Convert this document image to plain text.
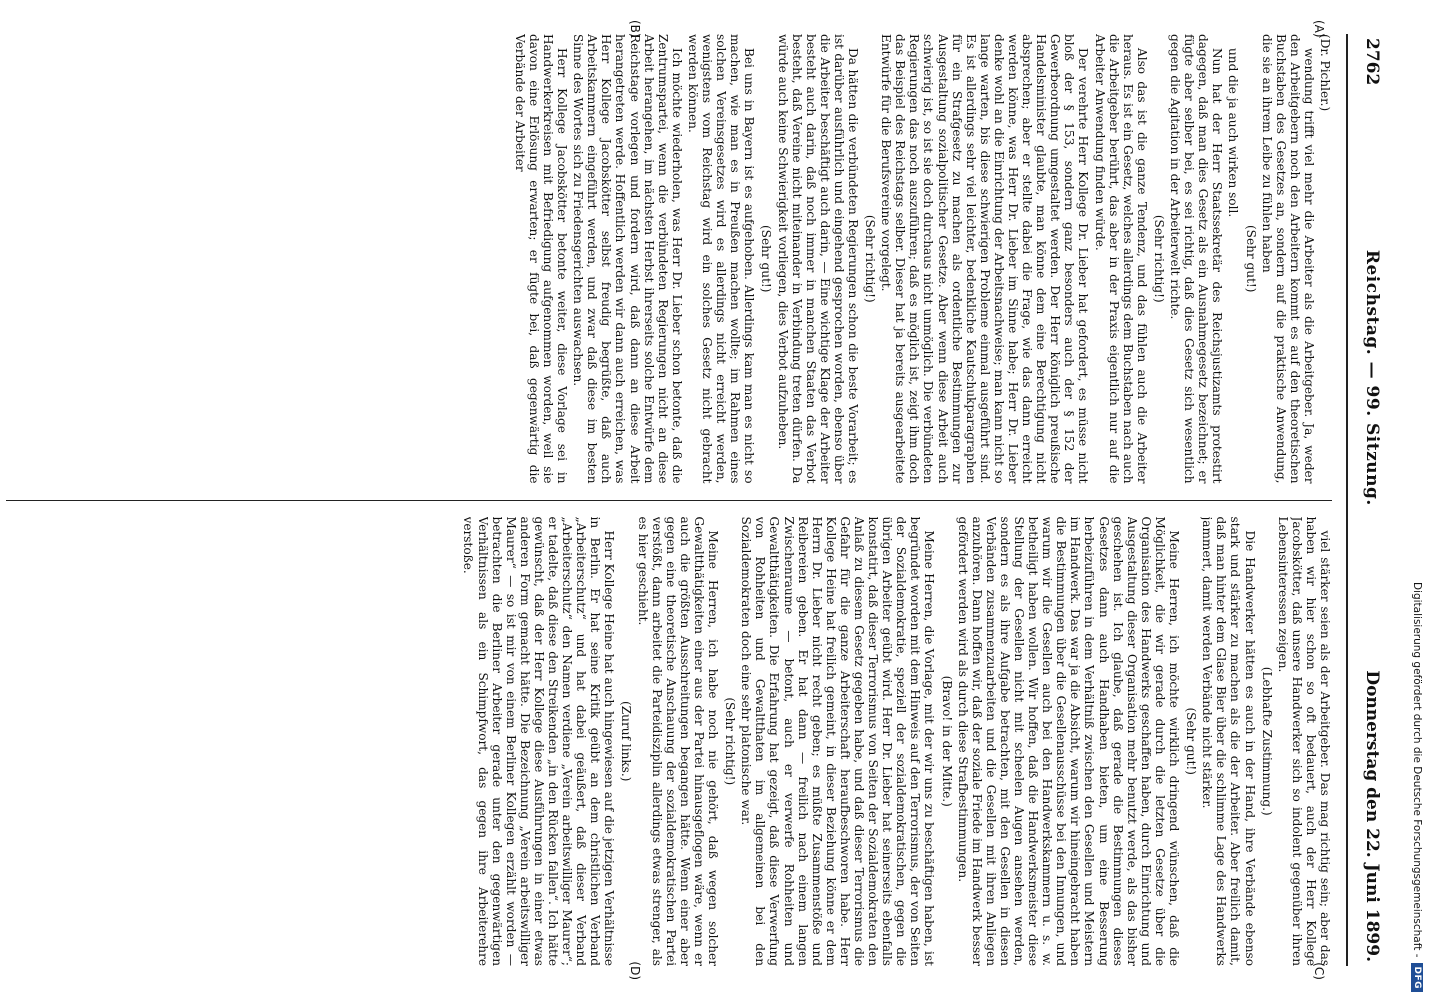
2762
Reichstag. — 99. Sitzung.
Donnerstag den 22. Juni 1899.

(Dr. Pichler.)

wendung trifft viel mehr die Arbeiter als die Arbeitgeber. Ja, weder den Arbeitgebern noch den Arbeitern kommt es auf den theoretischen Buchstaben des Gesetzes an, sondern auf die praktische Anwendung, die sie an ihrem Leibe zu fühlen haben

(Sehr gut!)

und die ja auch wirken soll.

Nun hat der Herr Staatssekretär des Reichsjustizamts protestirt dagegen, daß man dies Gesetz als ein Ausnahmegesetz bezeichnet; er fügte aber selber bei, es sei richtig, daß dies Gesetz sich wesentlich gegen die Agitation in der Arbeiterwelt richte.

(Sehr richtig!)

Also das ist die ganze Tendenz, und das fühlen auch die Arbeiter heraus. Es ist ein Gesetz, welches allerdings dem Buchstaben nach auch die Arbeitgeber berührt, das aber in der Praxis eigentlich nur auf die Arbeiter Anwendung finden würde.

Der verehrte Herr Kollege Dr. Lieber hat gefordert, es müsse nicht bloß der § 153, sondern ganz besonders auch der § 152 der Gewerbeordnung umgestaltet werden. Der Herr königlich preußische Handelsminister glaubte, man könne dem eine Berechtigung nicht absprechen; aber er stellte dabei die Frage, wie das dann erreicht werden könne, was Herr Dr. Lieber im Sinne habe; Herr Dr. Lieber denke wohl an die Einrichtung der Arbeitsnachweise; man kann nicht so lange warten, bis diese schwierigen Probleme einmal ausgeführt sind. Es ist allerdings sehr viel leichter, bedenkliche Kautschukparagraphen für ein Strafgesetz zu machen als ordentliche Bestimmungen zur Ausgestaltung sozialpolitischer Gesetze. Aber wenn diese Arbeit auch schwierig ist, so ist sie doch durchaus nicht unmöglich. Die verbündeten Regierungen das noch auszuführen; daß es möglich ist, zeigt ihm doch das Beispiel des Reichstags selber. Dieser hat ja bereits ausgearbeitete Entwürfe für die Berufsvereine vorgelegt.

(Sehr richtig!)

Da hätten die verbündeten Regierungen schon die beste Vorarbeit; es ist darüber ausführlich und eingehend gesprochen worden, ebenso über die Arbeiter beschäftigt auch darin, — Eine wichtige Klage der Arbeiter besteht auch darin, daß noch immer in manchen Staaten das Verbot besteht, daß Vereine nicht miteinander in Verbindung treten dürfen. Da würde auch keine Schwierigkeit vorliegen, dies Verbot aufzuheben.

(Sehr gut!)

Bei uns in Bayern ist es aufgehoben. Allerdings kam man es nicht so machen, wie man es in Preußen machen wollte; im Rahmen eines solchen Vereinsgesetzes wird es allerdings nicht erreicht werden, wenigstens vom Reichstag wird ein solches Gesetz nicht gebracht werden können.

Ich möchte wiederholen, was Herr Dr. Lieber schon betonte, daß die Zentrumspartei, wenn die verbündeten Regierungen nicht an diese Arbeit herangehen, im nächsten Herbst ihrerseits solche Entwürfe dem Reichstage vorlegen und fordern wird, daß dann an diese Arbeit herangetreten werde. Hoffentlich werden wir dann auch erreichen, was Herr Kollege Jacobskötter selbst freudig begrüßte, daß auch Arbeitskammern eingeführt werden, und zwar daß diese im besten Sinne des Wortes sich zu Friedensgerichten auswachsen.

Herr Kollege Jacobskötter betonte weiter, diese Vorlage sei in Handwerkerkreisen mit Befriedigung aufgenommen worden, weil sie davon eine Erlösung erwarten; er fügte bei, daß gegenwärtig die Verbände der Arbeiter

viel stärker seien als der Arbeitgeber. Das mag richtig sein; aber das haben wir hier schon so oft bedauert, auch der Herr Kollege Jacobskötter, daß unsere Handwerker sich so indolent gegenüber ihren Lebensinteressen zeigen.

(Lebhafte Zustimmung.)

Die Handwerker hätten es auch in der Hand, ihre Verbände ebenso stark und stärker zu machen als die der Arbeiter. Aber freilich damit, daß man hinter dem Glase Bier über die schlimme Lage des Handwerks jammert, damit werden Verbände nicht stärker.

(Sehr gut!)

Meine Herren, ich möchte wirklich dringend wünschen, daß die Möglichkeit, die wir gerade durch die letzten Gesetze über die Organisation des Handwerks geschaffen haben, durch Einrichtung und Ausgestaltung dieser Organisation mehr benutzt werde, als das bisher geschehen ist. Ich glaube, daß gerade die Bestimmungen dieses Gesetzes dann auch Handhaben bieten, um eine Besserung herbeizuführen in dem Verhältniß zwischen den Gesellen und Meistern im Handwerk. Das war ja die Absicht, warum wir hineingebracht haben die Bestimmungen über die Gesellenausschüsse bei den Innungen, und warum wir die Gesellen auch bei den Handwerkskammern u. s. w. betheiligt haben wollen. Wir hoffen, daß die Handwerksmeister diese Stellung der Gesellen nicht mit scheelen Augen ansehen werden, sondern es als ihre Aufgabe betrachten, mit den Gesellen in diesen Verbänden zusammenzuarbeiten und die Gesellen mit ihren Anliegen anzuhören. Dann hoffen wir, daß der soziale Friede im Handwerk besser gefördert werden wird als durch diese Strafbestimmungen.

(Bravo! in der Mitte.)

Meine Herren, die Vorlage, mit der wir uns zu beschäftigen haben, ist begründet worden mit dem Hinweis auf den Terrorismus, der von Seiten der Sozialdemokratie, speziell der sozialdemokratischen, gegen die übrigen Arbeiter geübt wird. Herr Dr. Lieber hat seinerseits ebenfalls konstatirt, daß dieser Terrorismus von Seiten der Sozialdemokraten den Anlaß zu diesem Gesetz gegeben habe, und daß dieser Terrorismus die Gefahr für die ganze Arbeiterschaft heraufbeschworen habe. Herr Kollege Heine hat freilich gemeint, in dieser Beziehung könne er dem Herrn Dr. Lieber nicht recht geben; es müßte Zusammenstöße und Reibereien geben. Er hat dann — freilich nach einem langen Zwischenraume — betont, auch er verwerfe Rohheiten und Gewaltthätigkeiten. Die Erfahrung hat gezeigt, daß diese Verwerfung von Rohheiten und Gewaltthaten im allgemeinen bei den Sozialdemokraten doch eine sehr platonische war.

(Sehr richtig!)

Meine Herren, ich habe noch nie gehört, daß wegen solcher Gewaltthätigkeiten einer aus der Partei hinausgeflogen wäre, wenn er auch die größten Ausschreitungen begangen hätte. Wenn einer aber gegen eine theoretische Anschauung der sozialdemokratischen Partei verstößt, dann arbeitet die Parteidisziplin allerdings etwas strenger, als es hier geschieht.

(Zuruf links.)

Herr Kollege Heine hat auch hingewiesen auf die jetzigen Verhältnisse in Berlin. Er hat seine Kritik geübt an dem christlichen Verband „Arbeiterschutz“ und hat dabei geäußert, daß dieser Verband „Arbeiterschutz“ den Namen verdiene „Verein arbeitswilliger Maurer“; er tadelte, daß diese den Streikenden „in den Rücken fallen“. Ich hätte gewünscht, daß der Herr Kollege diese Ausführungen in einer etwas anderen Form gemacht hätte. Die Bezeichnung „Verein arbeitswilliger Maurer“ — so ist mir von einem Berliner Kollegen erzählt worden — betrachten die Berliner Arbeiter gerade unter den gegenwärtigen Verhältnissen als ein Schimpfwort, das gegen ihre Arbeiterehre verstoße.

(A)
(B)
(C)
(D)
Digitalisierung gefördert durch die Deutsche Forschungsgemeinschaft -
DFG
